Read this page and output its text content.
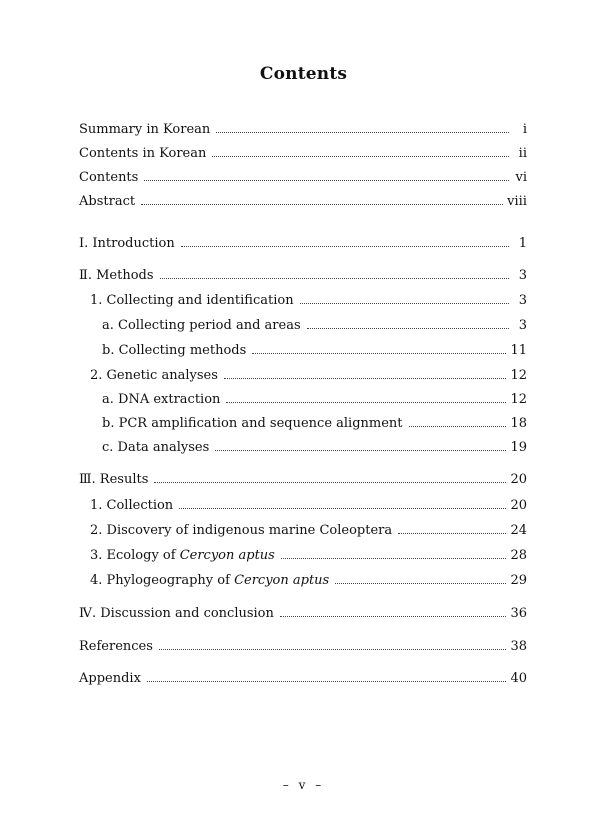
Contents
Summary in Korean	i
Contents in Korean	ii
Contents	vi
Abstract	ⅷ
Ⅰ. Introduction	1
Ⅱ. Methods	3
1. Collecting and identification	3
a. Collecting period and areas	3
b. Collecting methods	11
2. Genetic analyses	12
a. DNA extraction	12
b. PCR amplification and sequence alignment	18
c. Data analyses	19
Ⅲ. Results	20
1. Collection	20
2. Discovery of indigenous marine Coleoptera	24
3. Ecology of Cercyon aptus	28
4. Phylogeography of Cercyon aptus	29
Ⅳ. Discussion and conclusion	36
References	38
Appendix	40
– v –
